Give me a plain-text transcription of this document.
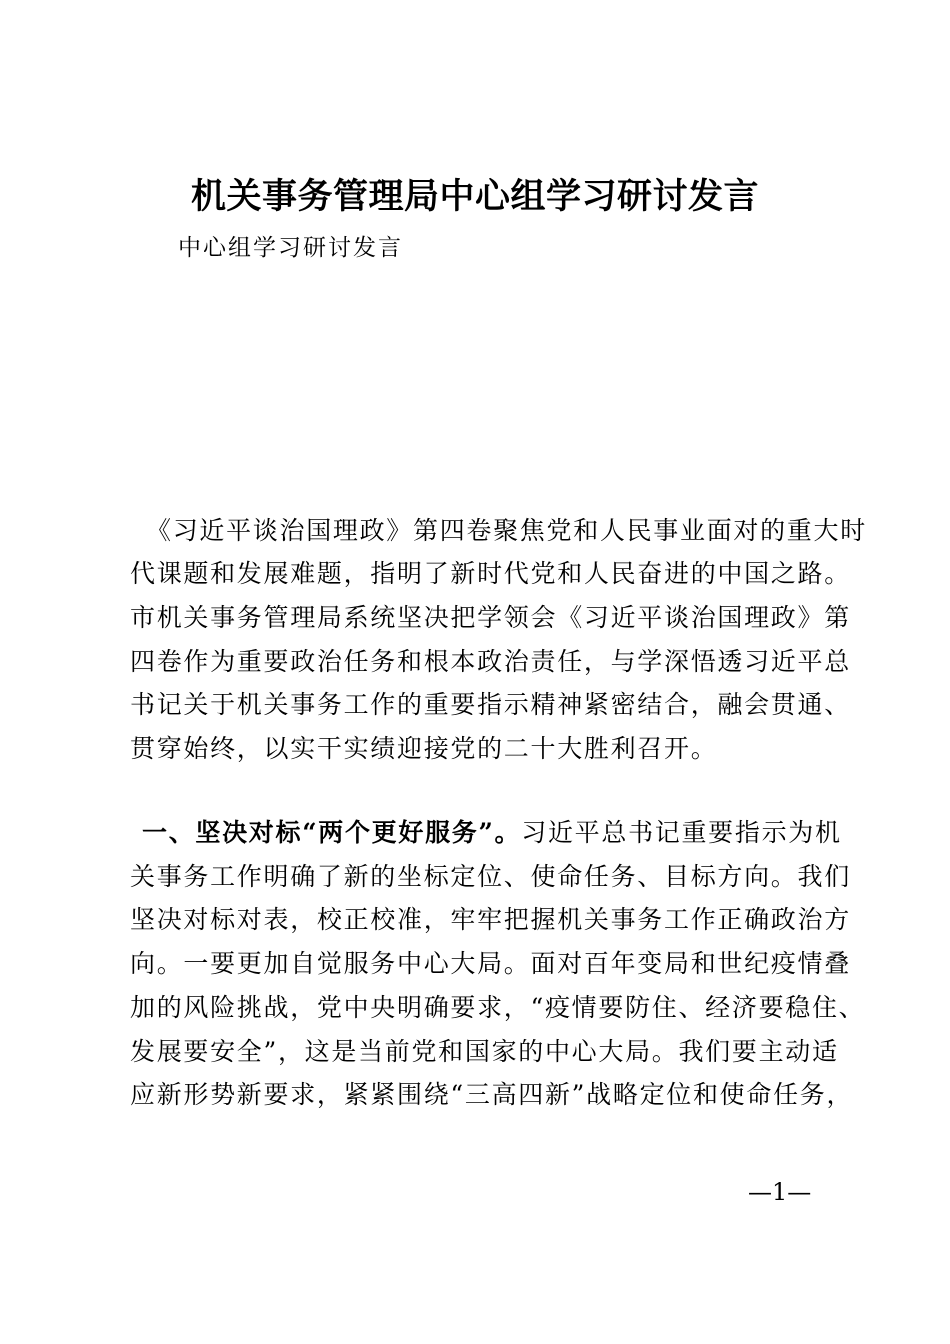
机关事务管理局中心组学习研讨发言
中心组学习研讨发言
《习近平谈治国理政》第四卷聚焦党和人民事业面对的重大时
代课题和发展难题，指明了新时代党和人民奋进的中国之路。
市机关事务管理局系统坚决把学领会《习近平谈治国理政》第
四卷作为重要政治任务和根本政治责任，与学深悟透习近平总
书记关于机关事务工作的重要指示精神紧密结合，融会贯通、
贯穿始终，以实干实绩迎接党的二十大胜利召开。
一、坚决对标“两个更好服务”。习近平总书记重要指示为机
关事务工作明确了新的坐标定位、使命任务、目标方向。我们
坚决对标对表，校正校准，牢牢把握机关事务工作正确政治方
向。一要更加自觉服务中心大局。面对百年变局和世纪疫情叠
加的风险挑战，党中央明确要求，“疫情要防住、经济要稳住、
发展要安全”，这是当前党和国家的中心大局。我们要主动适
应新形势新要求，紧紧围绕“三高四新”战略定位和使命任务，
—1—
